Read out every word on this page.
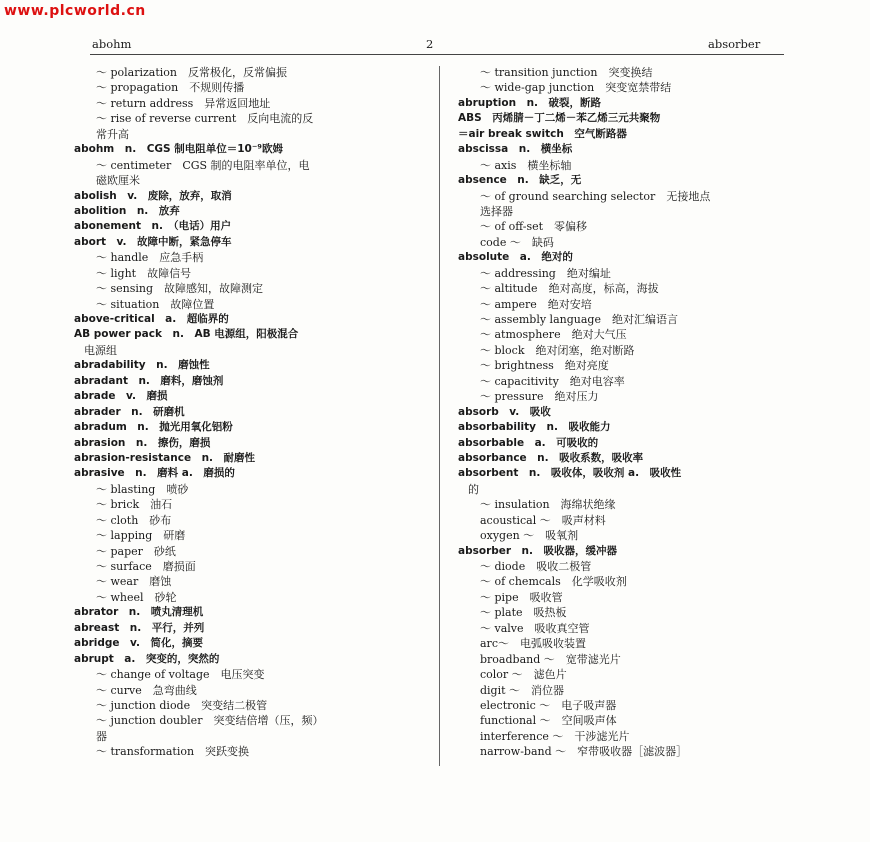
www.plcworld.cn
abohm	2	absorber
～ polarization　反常极化，反常偏振
～ propagation　不规则传播
～ return address　异常返回地址
～ rise of reverse current　反向电流的反
常升高
abohm　n.　CGS 制电阻单位＝10⁻⁹欧姆
～ centimeter　CGS 制的电阻率单位，电
磁欧厘米
abolish　v.　废除，放弃，取消
abolition　n.　放弃
abonement　n.　（电话）用户
abort　v.　故障中断，紧急停车
～ handle　应急手柄
～ light　故障信号
～ sensing　故障感知，故障测定
～ situation　故障位置
above-critical　a.　超临界的
AB power pack　n.　AB 电源组，阳极混合
电源组
abradability　n.　磨蚀性
abradant　n.　磨料，磨蚀剂
abrade　v.　磨损
abrader　n.　研磨机
abradum　n.　抛光用氧化铝粉
abrasion　n.　擦伤，磨损
abrasion-resistance　n.　耐磨性
abrasive　n.　磨料 a.　磨损的
～ blasting　喷砂
～ brick　油石
～ cloth　砂布
～ lapping　研磨
～ paper　砂纸
～ surface　磨损面
～ wear　磨蚀
～ wheel　砂轮
abrator　n.　喷丸清理机
abreast　n.　平行，并列
abridge　v.　简化，摘要
abrupt　a.　突变的，突然的
～ change of voltage　电压突变
～ curve　急弯曲线
～ junction diode　突变结二极管
～ junction doubler　突变结倍增（压，频）
器
～ transformation　突跃变换
～ transition junction　突变换结
～ wide-gap junction　突变宽禁带结
abruption　n.　破裂，断路
ABS　丙烯腈－丁二烯－苯乙烯三元共聚物
＝air break switch　空气断路器
abscissa　n.　横坐标
～ axis　横坐标轴
absence　n.　缺乏，无
～ of ground searching selector　无接地点
选择器
～ of off-set　零偏移
code ～　缺码
absolute　a.　绝对的
～ addressing　绝对编址
～ altitude　绝对高度，标高，海拔
～ ampere　绝对安培
～ assembly language　绝对汇编语言
～ atmosphere　绝对大气压
～ block　绝对闭塞，绝对断路
～ brightness　绝对亮度
～ capacitivity　绝对电容率
～ pressure　绝对压力
absorb　v.　吸收
absorbability　n.　吸收能力
absorbable　a.　可吸收的
absorbance　n.　吸收系数，吸收率
absorbent　n.　吸收体，吸收剂 a.　吸收性
的
～ insulation　海绵状绝缘
acoustical ～　吸声材料
oxygen ～　吸氧剂
absorber　n.　吸收器，缓冲器
～ diode　吸收二极管
～ of chemcals　化学吸收剂
～ pipe　吸收管
～ plate　吸热板
～ valve　吸收真空管
arc～　电弧吸收装置
broadband ～　宽带滤光片
color ～　滤色片
digit ～　消位器
electronic ～　电子吸声器
functional ～　空间吸声体
interference ～　干涉滤光片
narrow-band ～　窄带吸收器［滤波器］
